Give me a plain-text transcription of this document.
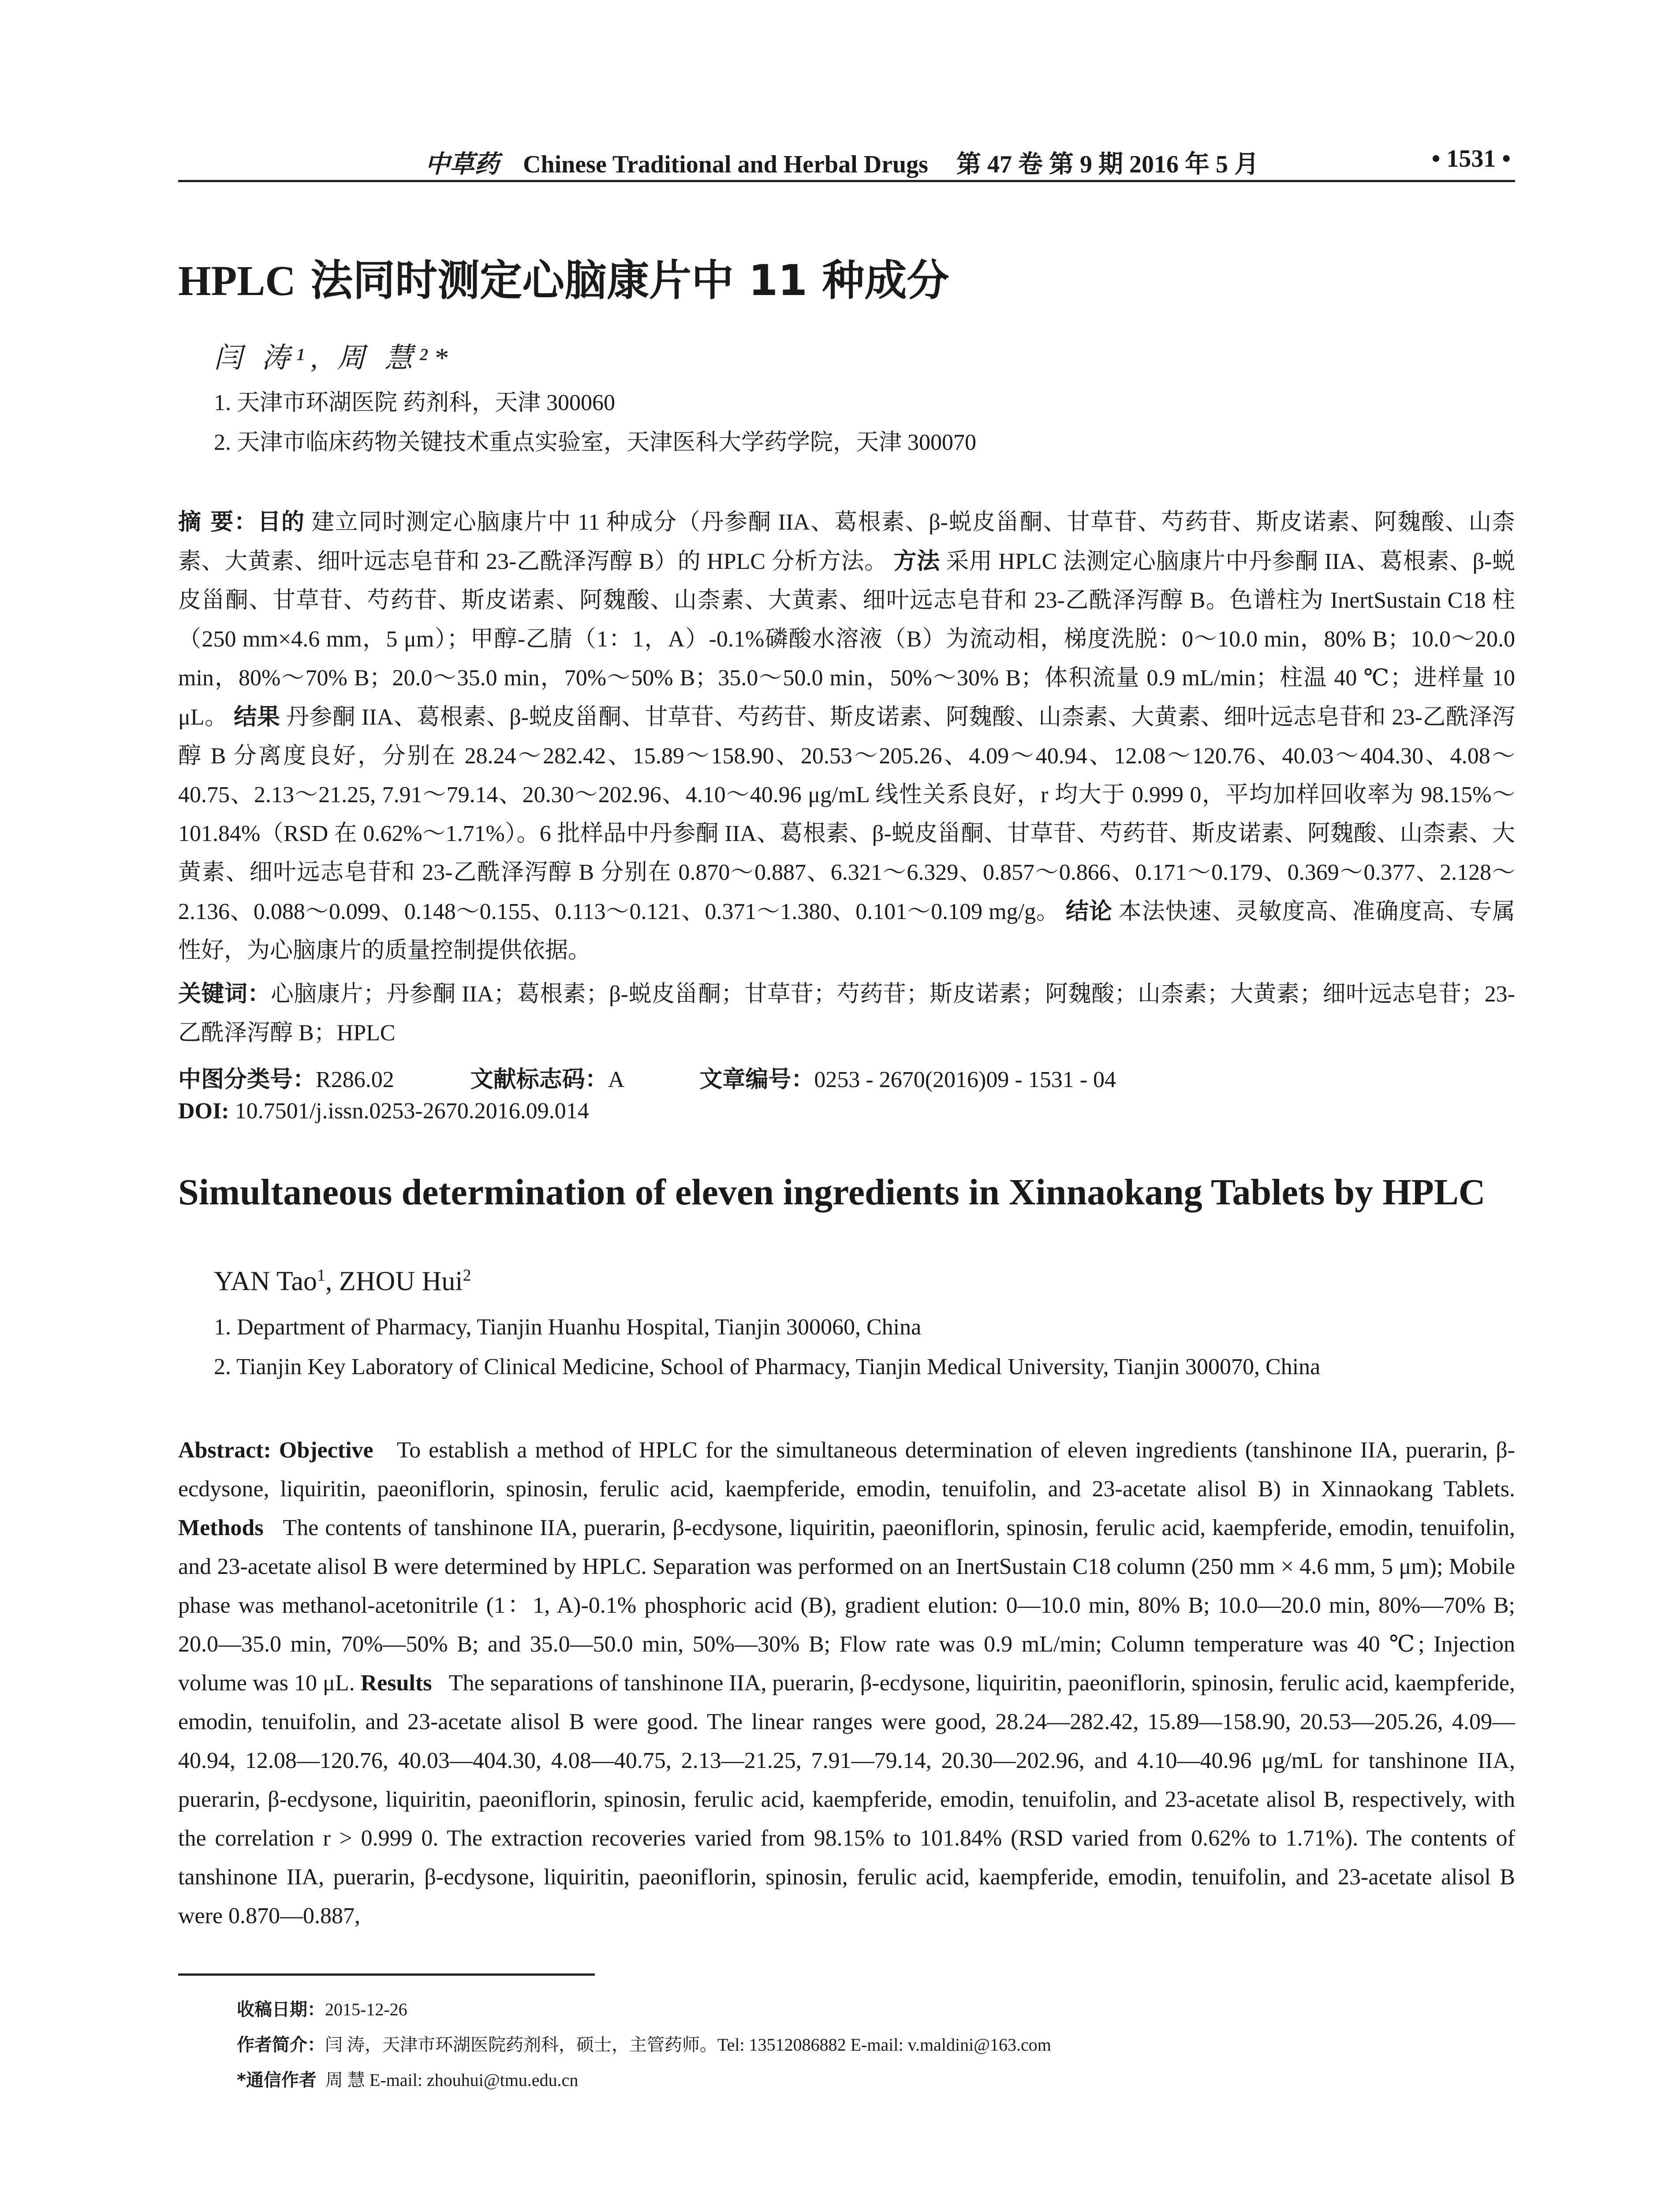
中草药 Chinese Traditional and Herbal Drugs 第 47 卷 第 9 期 2016 年 5 月	• 1531 •
HPLC 法同时测定心脑康片中 11 种成分
闫 涛¹, 周 慧²*
1. 天津市环湖医院 药剂科，天津 300060
2. 天津市临床药物关键技术重点实验室，天津医科大学药学院，天津 300070
摘 要：目的 建立同时测定心脑康片中 11 种成分（丹参酮 IIA、葛根素、β-蜕皮甾酮、甘草苷、芍药苷、斯皮诺素、阿魏酸、山柰素、大黄素、细叶远志皂苷和 23-乙酰泽泻醇 B）的 HPLC 分析方法。 方法 采用 HPLC 法测定心脑康片中丹参酮 IIA、葛根素、β-蜕皮甾酮、甘草苷、芍药苷、斯皮诺素、阿魏酸、山柰素、大黄素、细叶远志皂苷和 23-乙酰泽泻醇 B。色谱柱为 InertSustain C18 柱（250 mm×4.6 mm，5 μm）；甲醇-乙腈（1：1，A）-0.1%磷酸水溶液（B）为流动相，梯度洗脱：0～10.0 min，80% B；10.0～20.0 min，80%～70% B；20.0～35.0 min，70%～50% B；35.0～50.0 min，50%～30% B；体积流量 0.9 mL/min；柱温 40 ℃；进样量 10 μL。 结果 丹参酮 IIA、葛根素、β-蜕皮甾酮、甘草苷、芍药苷、斯皮诺素、阿魏酸、山柰素、大黄素、细叶远志皂苷和 23-乙酰泽泻醇 B 分离度良好，分别在 28.24～282.42、15.89～158.90、20.53～205.26、4.09～40.94、12.08～120.76、40.03～404.30、4.08～40.75、2.13～21.25, 7.91～79.14、20.30～202.96、4.10～40.96 μg/mL 线性关系良好，r 均大于 0.999 0，平均加样回收率为 98.15%～101.84%（RSD 在 0.62%～1.71%）。6 批样品中丹参酮 IIA、葛根素、β-蜕皮甾酮、甘草苷、芍药苷、斯皮诺素、阿魏酸、山柰素、大黄素、细叶远志皂苷和 23-乙酰泽泻醇 B 分别在 0.870～0.887、6.321～6.329、0.857～0.866、0.171～0.179、0.369～0.377、2.128～2.136、0.088～0.099、0.148～0.155、0.113～0.121、0.371～1.380、0.101～0.109 mg/g。 结论 本法快速、灵敏度高、准确度高、专属性好，为心脑康片的质量控制提供依据。
关键词：心脑康片；丹参酮 IIA；葛根素；β-蜕皮甾酮；甘草苷；芍药苷；斯皮诺素；阿魏酸；山柰素；大黄素；细叶远志皂苷；23-乙酰泽泻醇 B；HPLC
中图分类号：R286.02	文献标志码：A	文章编号：0253 - 2670(2016)09 - 1531 - 04
DOI: 10.7501/j.issn.0253-2670.2016.09.014
Simultaneous determination of eleven ingredients in Xinnaokang Tablets by HPLC
YAN Tao$^1$, ZHOU Hui$^2$
1. Department of Pharmacy, Tianjin Huanhu Hospital, Tianjin 300060, China
2. Tianjin Key Laboratory of Clinical Medicine, School of Pharmacy, Tianjin Medical University, Tianjin 300070, China
Abstract: Objective To establish a method of HPLC for the simultaneous determination of eleven ingredients (tanshinone IIA, puerarin, β-ecdysone, liquiritin, paeoniflorin, spinosin, ferulic acid, kaempferide, emodin, tenuifolin, and 23-acetate alisol B) in Xinnaokang Tablets. Methods The contents of tanshinone IIA, puerarin, β-ecdysone, liquiritin, paeoniflorin, spinosin, ferulic acid, kaempferide, emodin, tenuifolin, and 23-acetate alisol B were determined by HPLC. Separation was performed on an InertSustain C18 column (250 mm × 4.6 mm, 5 μm); Mobile phase was methanol-acetonitrile (1：1, A)-0.1% phosphoric acid (B), gradient elution: 0—10.0 min, 80% B; 10.0—20.0 min, 80%—70% B; 20.0—35.0 min, 70%—50% B; and 35.0—50.0 min, 50%—30% B; Flow rate was 0.9 mL/min; Column temperature was 40 ℃; Injection volume was 10 μL. Results The separations of tanshinone IIA, puerarin, β-ecdysone, liquiritin, paeoniflorin, spinosin, ferulic acid, kaempferide, emodin, tenuifolin, and 23-acetate alisol B were good. The linear ranges were good, 28.24—282.42, 15.89—158.90, 20.53—205.26, 4.09—40.94, 12.08—120.76, 40.03—404.30, 4.08—40.75, 2.13—21.25, 7.91—79.14, 20.30—202.96, and 4.10—40.96 μg/mL for tanshinone IIA, puerarin, β-ecdysone, liquiritin, paeoniflorin, spinosin, ferulic acid, kaempferide, emodin, tenuifolin, and 23-acetate alisol B, respectively, with the correlation r > 0.999 0. The extraction recoveries varied from 98.15% to 101.84% (RSD varied from 0.62% to 1.71%). The contents of tanshinone IIA, puerarin, β-ecdysone, liquiritin, paeoniflorin, spinosin, ferulic acid, kaempferide, emodin, tenuifolin, and 23-acetate alisol B were 0.870—0.887,
收稿日期：2015-12-26
作者简介：闫 涛，天津市环湖医院药剂科，硕士，主管药师。Tel: 13512086882 E-mail: v.maldini@163.com
*通信作者 周 慧 E-mail: zhouhui@tmu.edu.cn
